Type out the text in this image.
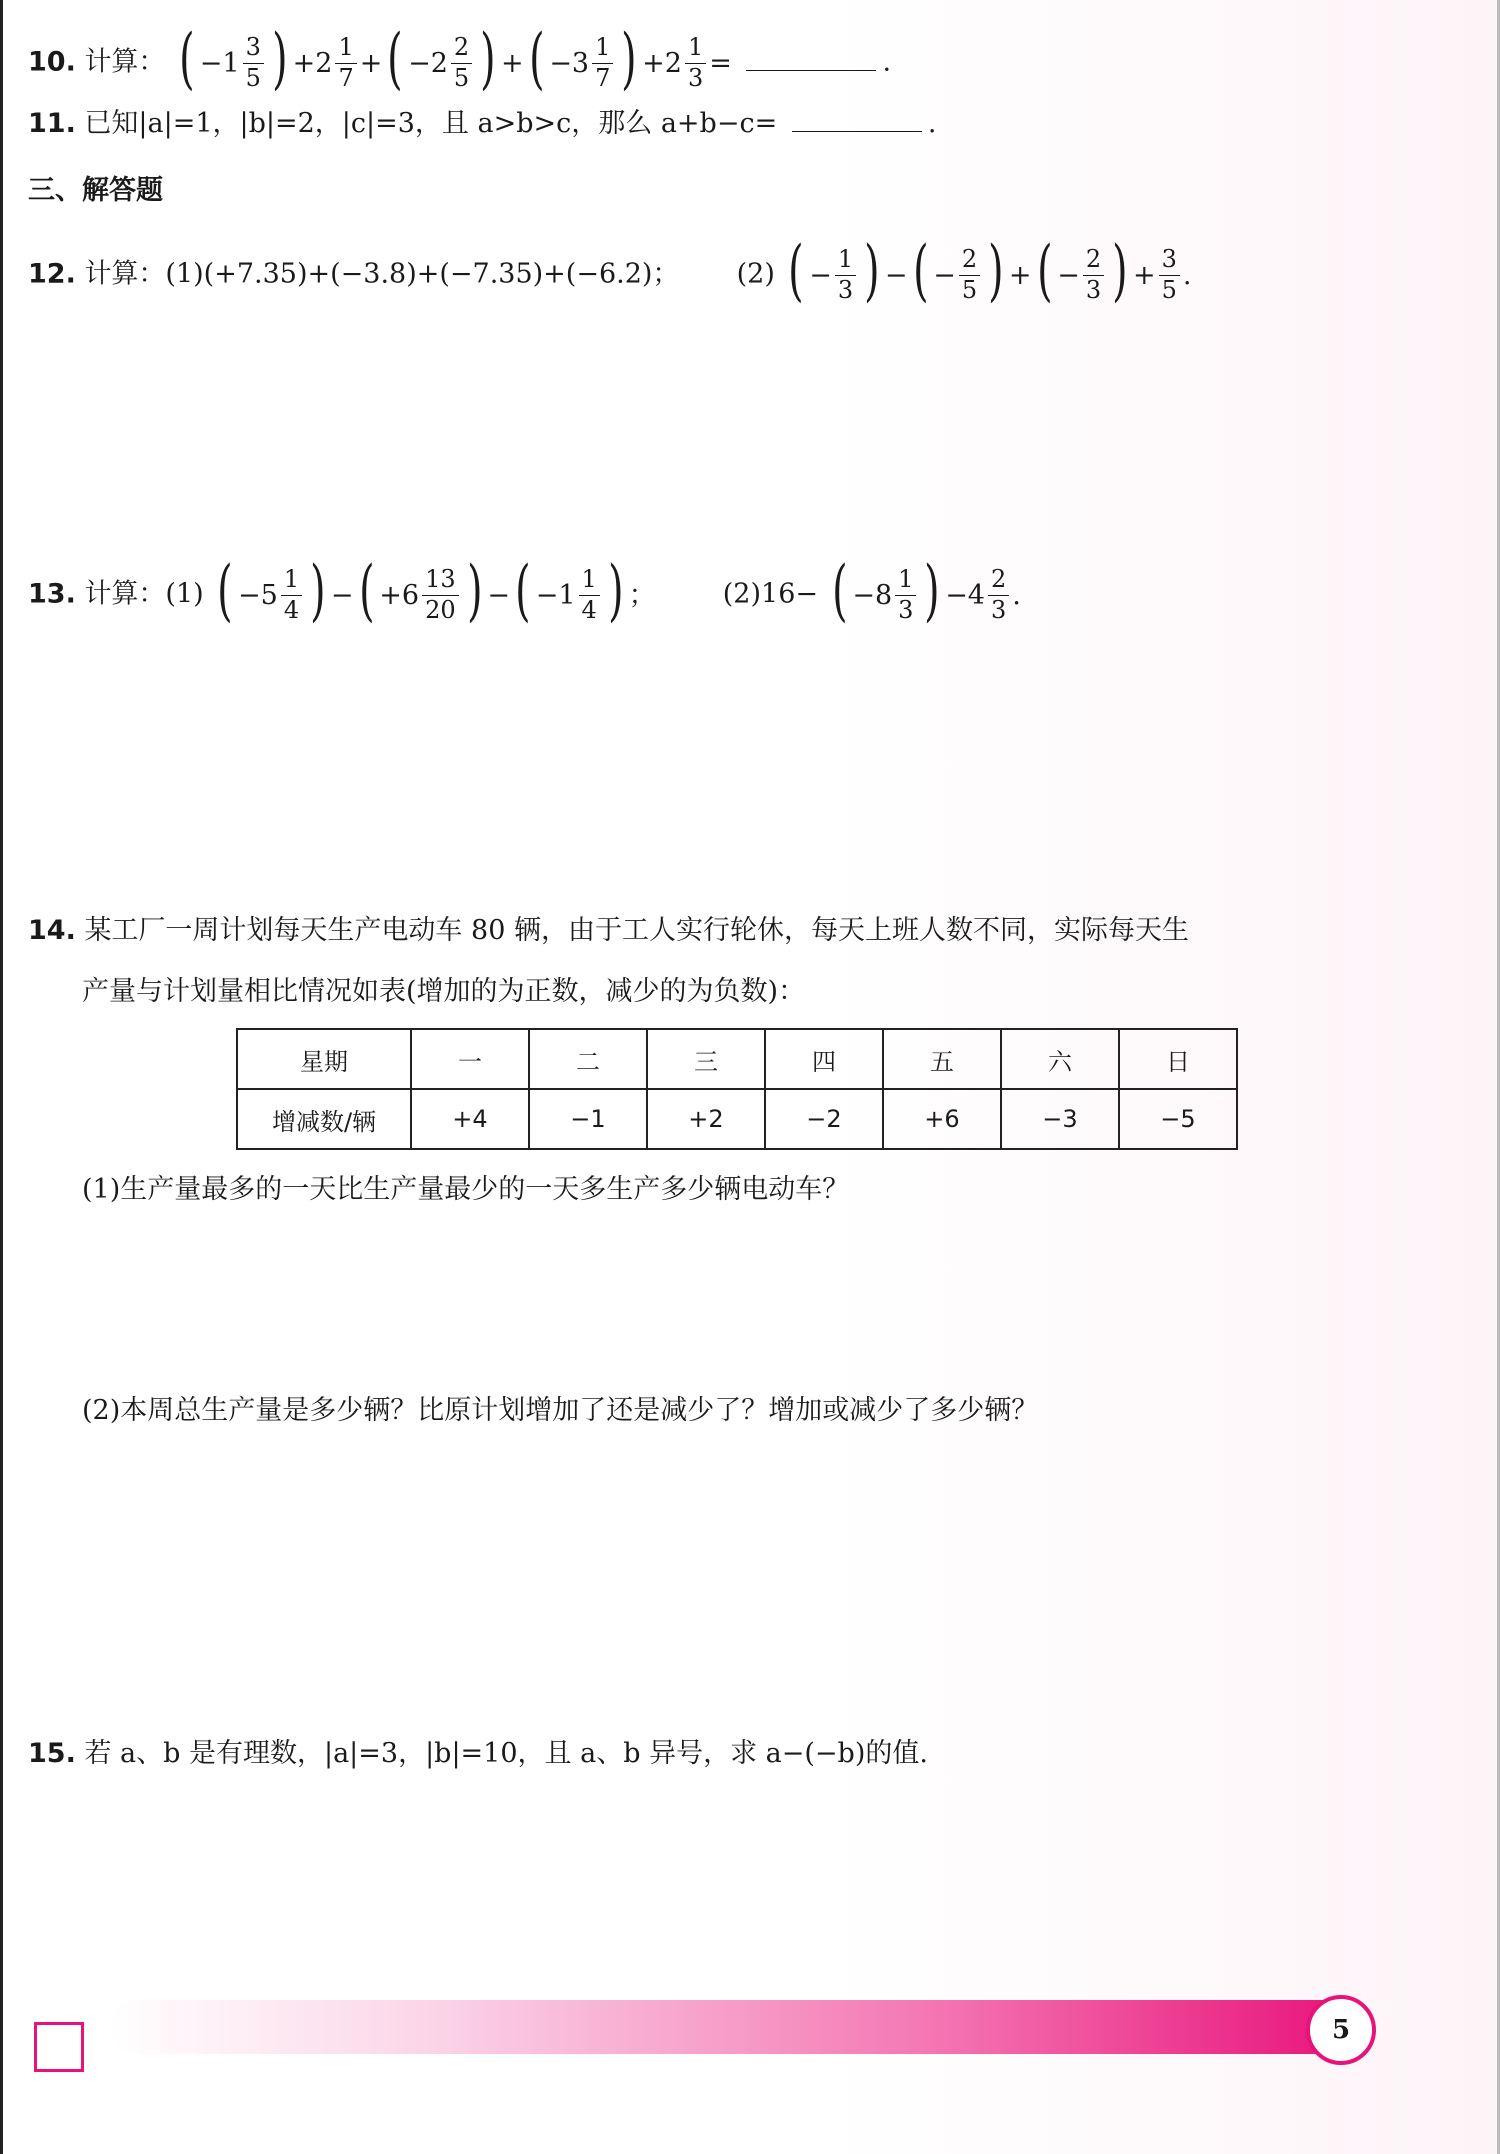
10. 计算： ( $-1 \frac{3}{5}$ ) $+2 \frac{1}{7}$ + ( $-2 \frac{2}{5}$ ) + ( $-3 \frac{1}{7}$ ) $+2 \frac{1}{3}$ =	.
11. 已知|a|=1，|b|=2，|c|=3，且 a>b>c，那么 a+b−c=	.
三、解答题
12. 计算：(1)(+7.35)+(−3.8)+(−7.35)+(−6.2)； (2) ( − $\frac{1}{3}$ ) − ( − $\frac{2}{5}$ ) + ( − $\frac{2}{3}$ ) + $\frac{3}{5}$ .
13. 计算：(1) ( $-5 \frac{1}{4}$ ) − ( $+6 \frac{13}{20}$ ) − ( $-1 \frac{1}{4}$ ) ； (2)16− ( $-8 \frac{1}{3}$ ) $-4 \frac{2}{3}$ .
14. 某工厂一周计划每天生产电动车 80 辆，由于工人实行轮休，每天上班人数不同，实际每天生
产量与计划量相比情况如表(增加的为正数，减少的为负数)：
星期	一	二	三	四	五	六	日
增减数/辆	+4	−1	+2	−2	+6	−3	−5
(1)生产量最多的一天比生产量最少的一天多生产多少辆电动车？
(2)本周总生产量是多少辆？比原计划增加了还是减少了？增加或减少了多少辆？
15. 若 a、b 是有理数，|a|=3，|b|=10，且 a、b 异号，求 a−(−b)的值.
5
